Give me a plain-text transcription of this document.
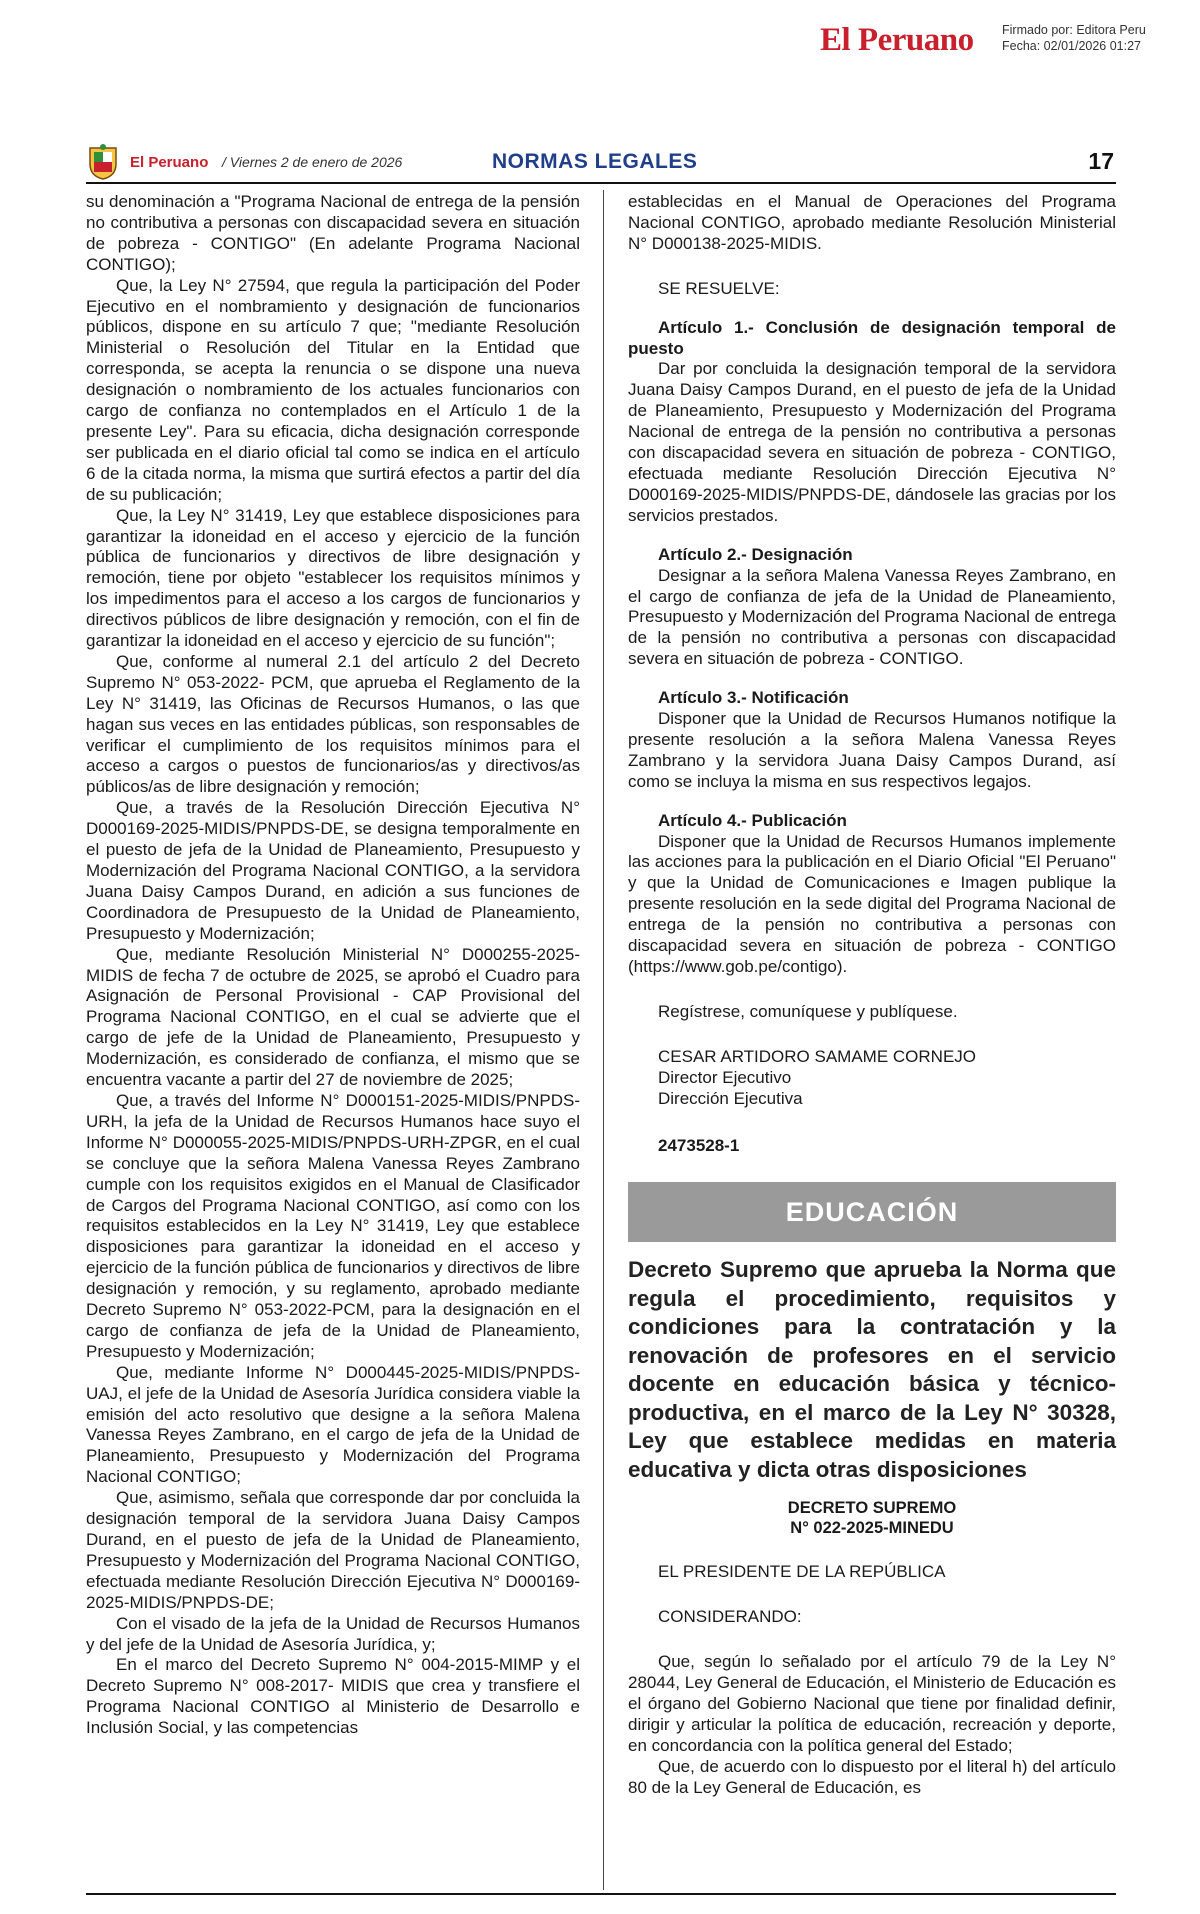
El Peruano Firmado por: Editora Peru
Fecha: 02/01/2026 01:27
El Peruano / Viernes 2 de enero de 2026	NORMAS LEGALES	17

su denominación a "Programa Nacional de entrega de la pensión no contributiva a personas con discapacidad severa en situación de pobreza - CONTIGO" (En adelante Programa Nacional CONTIGO);

Que, la Ley N° 27594, que regula la participación del Poder Ejecutivo en el nombramiento y designación de funcionarios públicos, dispone en su artículo 7 que; "mediante Resolución Ministerial o Resolución del Titular en la Entidad que corresponda, se acepta la renuncia o se dispone una nueva designación o nombramiento de los actuales funcionarios con cargo de confianza no contemplados en el Artículo 1 de la presente Ley". Para su eficacia, dicha designación corresponde ser publicada en el diario oficial tal como se indica en el artículo 6 de la citada norma, la misma que surtirá efectos a partir del día de su publicación;

Que, la Ley N° 31419, Ley que establece disposiciones para garantizar la idoneidad en el acceso y ejercicio de la función pública de funcionarios y directivos de libre designación y remoción, tiene por objeto "establecer los requisitos mínimos y los impedimentos para el acceso a los cargos de funcionarios y directivos públicos de libre designación y remoción, con el fin de garantizar la idoneidad en el acceso y ejercicio de su función";

Que, conforme al numeral 2.1 del artículo 2 del Decreto Supremo N° 053-2022- PCM, que aprueba el Reglamento de la Ley N° 31419, las Oficinas de Recursos Humanos, o las que hagan sus veces en las entidades públicas, son responsables de verificar el cumplimiento de los requisitos mínimos para el acceso a cargos o puestos de funcionarios/as y directivos/as públicos/as de libre designación y remoción;

Que, a través de la Resolución Dirección Ejecutiva N° D000169-2025-MIDIS/PNPDS-DE, se designa temporalmente en el puesto de jefa de la Unidad de Planeamiento, Presupuesto y Modernización del Programa Nacional CONTIGO, a la servidora Juana Daisy Campos Durand, en adición a sus funciones de Coordinadora de Presupuesto de la Unidad de Planeamiento, Presupuesto y Modernización;

Que, mediante Resolución Ministerial N° D000255-2025-MIDIS de fecha 7 de octubre de 2025, se aprobó el Cuadro para Asignación de Personal Provisional - CAP Provisional del Programa Nacional CONTIGO, en el cual se advierte que el cargo de jefe de la Unidad de Planeamiento, Presupuesto y Modernización, es considerado de confianza, el mismo que se encuentra vacante a partir del 27 de noviembre de 2025;

Que, a través del Informe N° D000151-2025-MIDIS/PNPDS-URH, la jefa de la Unidad de Recursos Humanos hace suyo el Informe N° D000055-2025-MIDIS/PNPDS-URH-ZPGR, en el cual se concluye que la señora Malena Vanessa Reyes Zambrano cumple con los requisitos exigidos en el Manual de Clasificador de Cargos del Programa Nacional CONTIGO, así como con los requisitos establecidos en la Ley N° 31419, Ley que establece disposiciones para garantizar la idoneidad en el acceso y ejercicio de la función pública de funcionarios y directivos de libre designación y remoción, y su reglamento, aprobado mediante Decreto Supremo N° 053-2022-PCM, para la designación en el cargo de confianza de jefa de la Unidad de Planeamiento, Presupuesto y Modernización;

Que, mediante Informe N° D000445-2025-MIDIS/PNPDS-UAJ, el jefe de la Unidad de Asesoría Jurídica considera viable la emisión del acto resolutivo que designe a la señora Malena Vanessa Reyes Zambrano, en el cargo de jefa de la Unidad de Planeamiento, Presupuesto y Modernización del Programa Nacional CONTIGO;

Que, asimismo, señala que corresponde dar por concluida la designación temporal de la servidora Juana Daisy Campos Durand, en el puesto de jefa de la Unidad de Planeamiento, Presupuesto y Modernización del Programa Nacional CONTIGO, efectuada mediante Resolución Dirección Ejecutiva N° D000169-2025-MIDIS/PNPDS-DE;

Con el visado de la jefa de la Unidad de Recursos Humanos y del jefe de la Unidad de Asesoría Jurídica, y;

En el marco del Decreto Supremo N° 004-2015-MIMP y el Decreto Supremo N° 008-2017- MIDIS que crea y transfiere el Programa Nacional CONTIGO al Ministerio de Desarrollo e Inclusión Social, y las competencias

establecidas en el Manual de Operaciones del Programa Nacional CONTIGO, aprobado mediante Resolución Ministerial N° D000138-2025-MIDIS.

SE RESUELVE:

Artículo 1.- Conclusión de designación temporal de puesto

Dar por concluida la designación temporal de la servidora Juana Daisy Campos Durand, en el puesto de jefa de la Unidad de Planeamiento, Presupuesto y Modernización del Programa Nacional de entrega de la pensión no contributiva a personas con discapacidad severa en situación de pobreza - CONTIGO, efectuada mediante Resolución Dirección Ejecutiva N° D000169-2025-MIDIS/PNPDS-DE, dándosele las gracias por los servicios prestados.

Artículo 2.- Designación

Designar a la señora Malena Vanessa Reyes Zambrano, en el cargo de confianza de jefa de la Unidad de Planeamiento, Presupuesto y Modernización del Programa Nacional de entrega de la pensión no contributiva a personas con discapacidad severa en situación de pobreza - CONTIGO.

Artículo 3.- Notificación

Disponer que la Unidad de Recursos Humanos notifique la presente resolución a la señora Malena Vanessa Reyes Zambrano y la servidora Juana Daisy Campos Durand, así como se incluya la misma en sus respectivos legajos.

Artículo 4.- Publicación

Disponer que la Unidad de Recursos Humanos implemente las acciones para la publicación en el Diario Oficial "El Peruano" y que la Unidad de Comunicaciones e Imagen publique la presente resolución en la sede digital del Programa Nacional de entrega de la pensión no contributiva a personas con discapacidad severa en situación de pobreza - CONTIGO (https://www.gob.pe/contigo).

Regístrese, comuníquese y publíquese.

CESAR ARTIDORO SAMAME CORNEJO

Director Ejecutivo

Dirección Ejecutiva

2473528-1

EDUCACIÓN
Decreto Supremo que aprueba la Norma que regula el procedimiento, requisitos y condiciones para la contratación y la renovación de profesores en el servicio docente en educación básica y técnico-productiva, en el marco de la Ley N° 30328, Ley que establece medidas en materia educativa y dicta otras disposiciones
DECRETO SUPREMO
N° 022-2025-MINEDU

EL PRESIDENTE DE LA REPÚBLICA

CONSIDERANDO:

Que, según lo señalado por el artículo 79 de la Ley N° 28044, Ley General de Educación, el Ministerio de Educación es el órgano del Gobierno Nacional que tiene por finalidad definir, dirigir y articular la política de educación, recreación y deporte, en concordancia con la política general del Estado;

Que, de acuerdo con lo dispuesto por el literal h) del artículo 80 de la Ley General de Educación, es
